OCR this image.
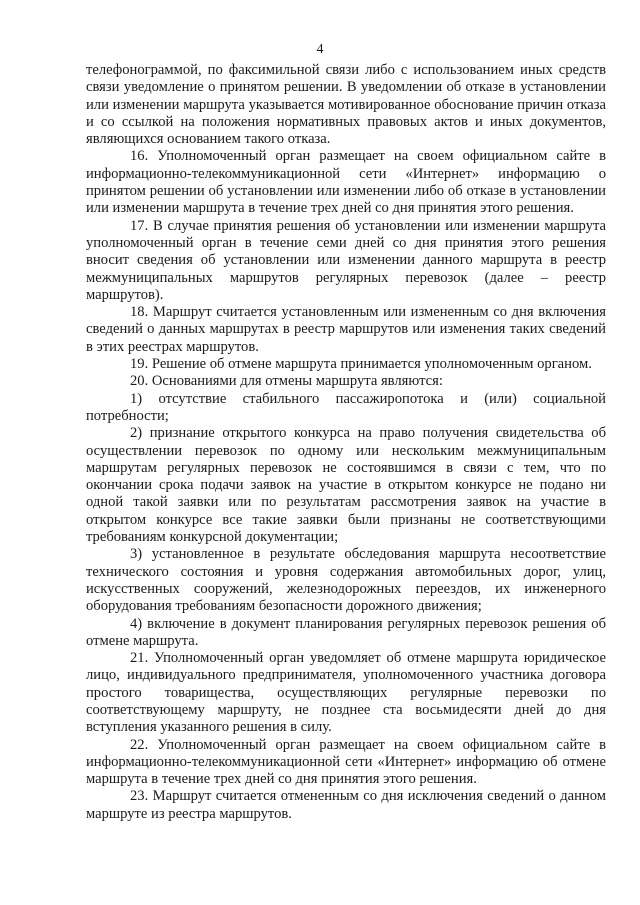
4

телефонограммой, по факсимильной связи либо с использованием иных средств связи уведомление о принятом решении. В уведомлении об отказе в установлении или изменении маршрута указывается мотивированное обоснование причин отказа и со ссылкой на положения нормативных правовых актов и иных документов, являющихся основанием такого отказа.

16. Уполномоченный орган размещает на своем официальном сайте в информационно-телекоммуникационной сети «Интернет» информацию о принятом решении об установлении или изменении либо об отказе в установлении или изменении маршрута в течение трех дней со дня принятия этого решения.

17. В случае принятия решения об установлении или изменении маршрута уполномоченный орган в течение семи дней со дня принятия этого решения вносит сведения об установлении или изменении данного маршрута в реестр межмуниципальных маршрутов регулярных перевозок (далее – реестр маршрутов).

18. Маршрут считается установленным или измененным со дня включения сведений о данных маршрутах в реестр маршрутов или изменения таких сведений в этих реестрах маршрутов.

19. Решение об отмене маршрута принимается уполномоченным органом.

20. Основаниями для отмены маршрута являются:

1) отсутствие стабильного пассажиропотока и (или) социальной потребности;

2) признание открытого конкурса на право получения свидетельства об осуществлении перевозок по одному или нескольким межмуниципальным маршрутам регулярных перевозок не состоявшимся в связи с тем, что по окончании срока подачи заявок на участие в открытом конкурсе не подано ни одной такой заявки или по результатам рассмотрения заявок на участие в открытом конкурсе все такие заявки были признаны не соответствующими требованиям конкурсной документации;

3) установленное в результате обследования маршрута несоответствие технического состояния и уровня содержания автомобильных дорог, улиц, искусственных сооружений, железнодорожных переездов, их инженерного оборудования требованиям безопасности дорожного движения;

4) включение в документ планирования регулярных перевозок решения об отмене маршрута.

21. Уполномоченный орган уведомляет об отмене маршрута юридическое лицо, индивидуального предпринимателя, уполномоченного участника договора простого товарищества, осуществляющих регулярные перевозки по соответствующему маршруту, не позднее ста восьмидесяти дней до дня вступления указанного решения в силу.

22. Уполномоченный орган размещает на своем официальном сайте в информационно-телекоммуникационной сети «Интернет» информацию об отмене маршрута в течение трех дней со дня принятия этого решения.

23. Маршрут считается отмененным со дня исключения сведений о данном маршруте из реестра маршрутов.
